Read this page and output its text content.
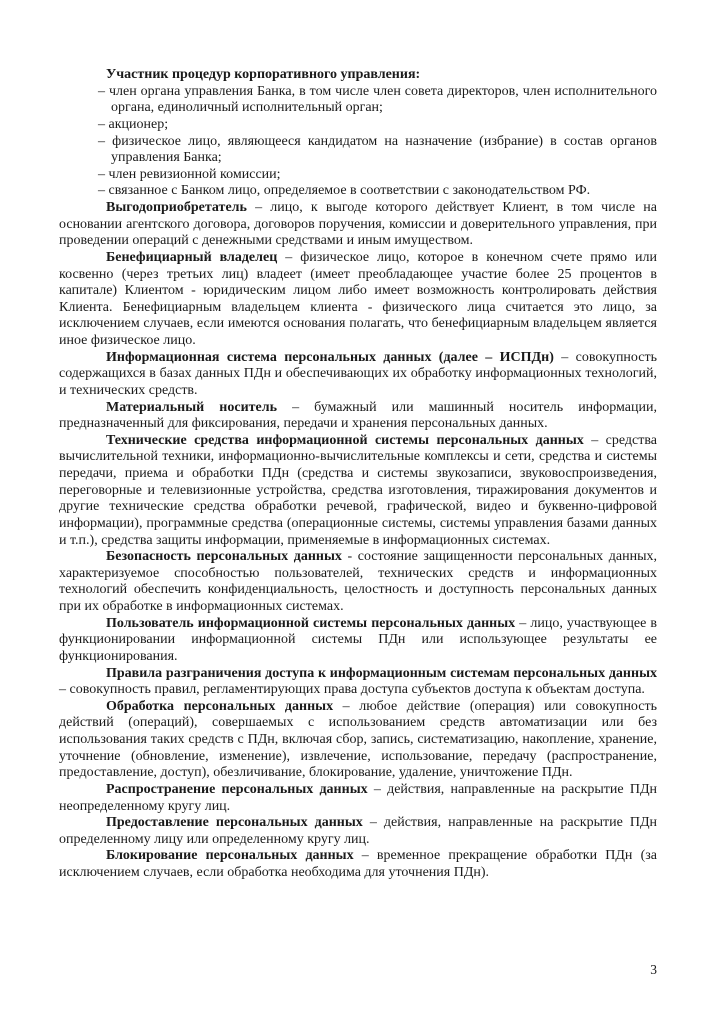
Участник процедур корпоративного управления:

– член органа управления Банка, в том числе член совета директоров, член исполнительного органа, единоличный исполнительный орган;

– акционер;

– физическое лицо, являющееся кандидатом на назначение (избрание) в состав органов управления Банка;

– член ревизионной комиссии;

– связанное с Банком лицо, определяемое в соответствии с законодательством РФ.

Выгодоприобретатель – лицо, к выгоде которого действует Клиент, в том числе на основании агентского договора, договоров поручения, комиссии и доверительного управления, при проведении операций с денежными средствами и иным имуществом.

Бенефициарный владелец – физическое лицо, которое в конечном счете прямо или косвенно (через третьих лиц) владеет (имеет преобладающее участие более 25 процентов в капитале) Клиентом - юридическим лицом либо имеет возможность контролировать действия Клиента. Бенефициарным владельцем клиента - физического лица считается это лицо, за исключением случаев, если имеются основания полагать, что бенефициарным владельцем является иное физическое лицо.

Информационная система персональных данных (далее – ИСПДн) – совокупность содержащихся в базах данных ПДн и обеспечивающих их обработку информационных технологий, и технических средств.

Материальный носитель – бумажный или машинный носитель информации, предназначенный для фиксирования, передачи и хранения персональных данных.

Технические средства информационной системы персональных данных – средства вычислительной техники, информационно-вычислительные комплексы и сети, средства и системы передачи, приема и обработки ПДн (средства и системы звукозаписи, звуковоспроизведения, переговорные и телевизионные устройства, средства изготовления, тиражирования документов и другие технические средства обработки речевой, графической, видео и буквенно-цифровой информации), программные средства (операционные системы, системы управления базами данных и т.п.), средства защиты информации, применяемые в информационных системах.

Безопасность персональных данных - состояние защищенности персональных данных, характеризуемое способностью пользователей, технических средств и информационных технологий обеспечить конфиденциальность, целостность и доступность персональных данных при их обработке в информационных системах.

Пользователь информационной системы персональных данных – лицо, участвующее в функционировании информационной системы ПДн или использующее результаты ее функционирования.

Правила разграничения доступа к информационным системам персональных данных – совокупность правил, регламентирующих права доступа субъектов доступа к объектам доступа.

Обработка персональных данных – любое действие (операция) или совокупность действий (операций), совершаемых с использованием средств автоматизации или без использования таких средств с ПДн, включая сбор, запись, систематизацию, накопление, хранение, уточнение (обновление, изменение), извлечение, использование, передачу (распространение, предоставление, доступ), обезличивание, блокирование, удаление, уничтожение ПДн.

Распространение персональных данных – действия, направленные на раскрытие ПДн неопределенному кругу лиц.

Предоставление персональных данных – действия, направленные на раскрытие ПДн определенному лицу или определенному кругу лиц.

Блокирование персональных данных – временное прекращение обработки ПДн (за исключением случаев, если обработка необходима для уточнения ПДн).

3
